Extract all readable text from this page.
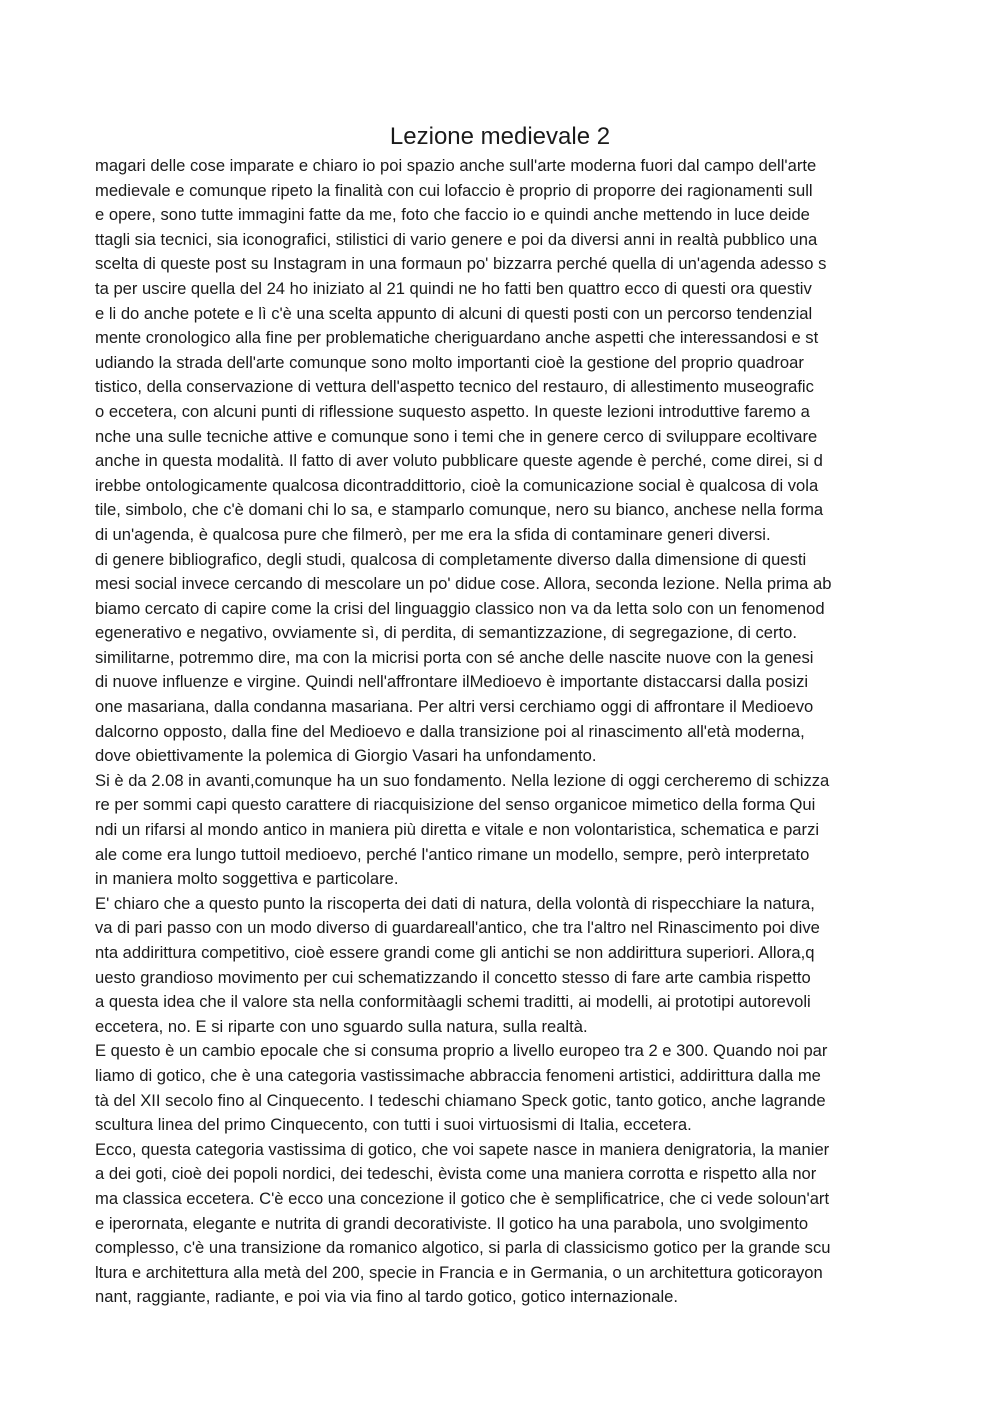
Lezione medievale 2
magari delle cose imparate e chiaro io poi spazio anche sull'arte moderna fuori dal campo dell'arte
medievale e comunque ripeto la finalità con cui lofaccio è proprio di proporre dei ragionamenti sull
e opere, sono tutte immagini fatte da me, foto che faccio io e quindi anche mettendo in luce deide
ttagli sia tecnici, sia iconografici, stilistici di vario genere e poi da diversi anni in realtà pubblico una
scelta di queste post su Instagram in una formaun po' bizzarra perché quella di un'agenda adesso s
ta per uscire quella del 24 ho iniziato al 21 quindi ne ho fatti ben quattro ecco di questi ora questiv
e li do anche potete e lì c'è una scelta appunto di alcuni di questi posti con un percorso tendenzial
mente cronologico alla fine per problematiche cheriguardano anche aspetti che interessandosi e st
udiando la strada dell'arte comunque sono molto importanti cioè la gestione del proprio quadroar
tistico, della conservazione di vettura dell'aspetto tecnico del restauro, di allestimento museografic
o eccetera, con alcuni punti di riflessione suquesto aspetto. In queste lezioni introduttive faremo a
nche una sulle tecniche attive e comunque sono i temi che in genere cerco di sviluppare ecoltivare
anche in questa modalità. Il fatto di aver voluto pubblicare queste agende è perché, come direi, si d
irebbe ontologicamente qualcosa dicontraddittorio, cioè la comunicazione social è qualcosa di vola
tile, simbolo, che c'è domani chi lo sa, e stamparlo comunque, nero su bianco, anchese nella forma
di un'agenda, è qualcosa pure che filmerò, per me era la sfida di contaminare generi diversi.
di genere bibliografico, degli studi, qualcosa di completamente diverso dalla dimensione di questi
mesi social invece cercando di mescolare un po' didue cose. Allora, seconda lezione. Nella prima ab
biamo cercato di capire come la crisi del linguaggio classico non va da letta solo con un fenomenod
egenerativo e negativo, ovviamente sì, di perdita, di semantizzazione, di segregazione, di certo.
similitarne, potremmo dire, ma con la micrisi porta con sé anche delle nascite nuove con la genesi
di nuove influenze e virgine. Quindi nell'affrontare ilMedioevo è importante distaccarsi dalla posizi
one masariana, dalla condanna masariana. Per altri versi cerchiamo oggi di affrontare il Medioevo
dalcorno opposto, dalla fine del Medioevo e dalla transizione poi al rinascimento all'età moderna,
dove obiettivamente la polemica di Giorgio Vasari ha unfondamento.
Si è da 2.08 in avanti,comunque ha un suo fondamento. Nella lezione di oggi cercheremo di schizza
re per sommi capi questo carattere di riacquisizione del senso organicoe mimetico della forma Qui
ndi un rifarsi al mondo antico in maniera più diretta e vitale e non volontaristica, schematica e parzi
ale come era lungo tuttoil medioevo, perché l'antico rimane un modello, sempre, però interpretato
in maniera molto soggettiva e particolare.
E' chiaro che a questo punto la riscoperta dei dati di natura, della volontà di rispecchiare la natura,
va di pari passo con un modo diverso di guardareall'antico, che tra l'altro nel Rinascimento poi dive
nta addirittura competitivo, cioè essere grandi come gli antichi se non addirittura superiori. Allora,q
uesto grandioso movimento per cui schematizzando il concetto stesso di fare arte cambia rispetto
a questa idea che il valore sta nella conformitàagli schemi traditti, ai modelli, ai prototipi autorevoli
eccetera, no. E si riparte con uno sguardo sulla natura, sulla realtà.
E questo è un cambio epocale che si consuma proprio a livello europeo tra 2 e 300. Quando noi par
liamo di gotico, che è una categoria vastissimache abbraccia fenomeni artistici, addirittura dalla me
tà del XII secolo fino al Cinquecento. I tedeschi chiamano Speck gotic, tanto gotico, anche lagrande
scultura linea del primo Cinquecento, con tutti i suoi virtuosismi di Italia, eccetera.
Ecco, questa categoria vastissima di gotico, che voi sapete nasce in maniera denigratoria, la manier
a dei goti, cioè dei popoli nordici, dei tedeschi, èvista come una maniera corrotta e rispetto alla nor
ma classica eccetera. C'è ecco una concezione il gotico che è semplificatrice, che ci vede soloun'art
e iperornata, elegante e nutrita di grandi decorativiste. Il gotico ha una parabola, uno svolgimento
complesso, c'è una transizione da romanico algotico, si parla di classicismo gotico per la grande scu
ltura e architettura alla metà del 200, specie in Francia e in Germania, o un architettura goticorayon
nant, raggiante, radiante, e poi via via fino al tardo gotico, gotico internazionale.
